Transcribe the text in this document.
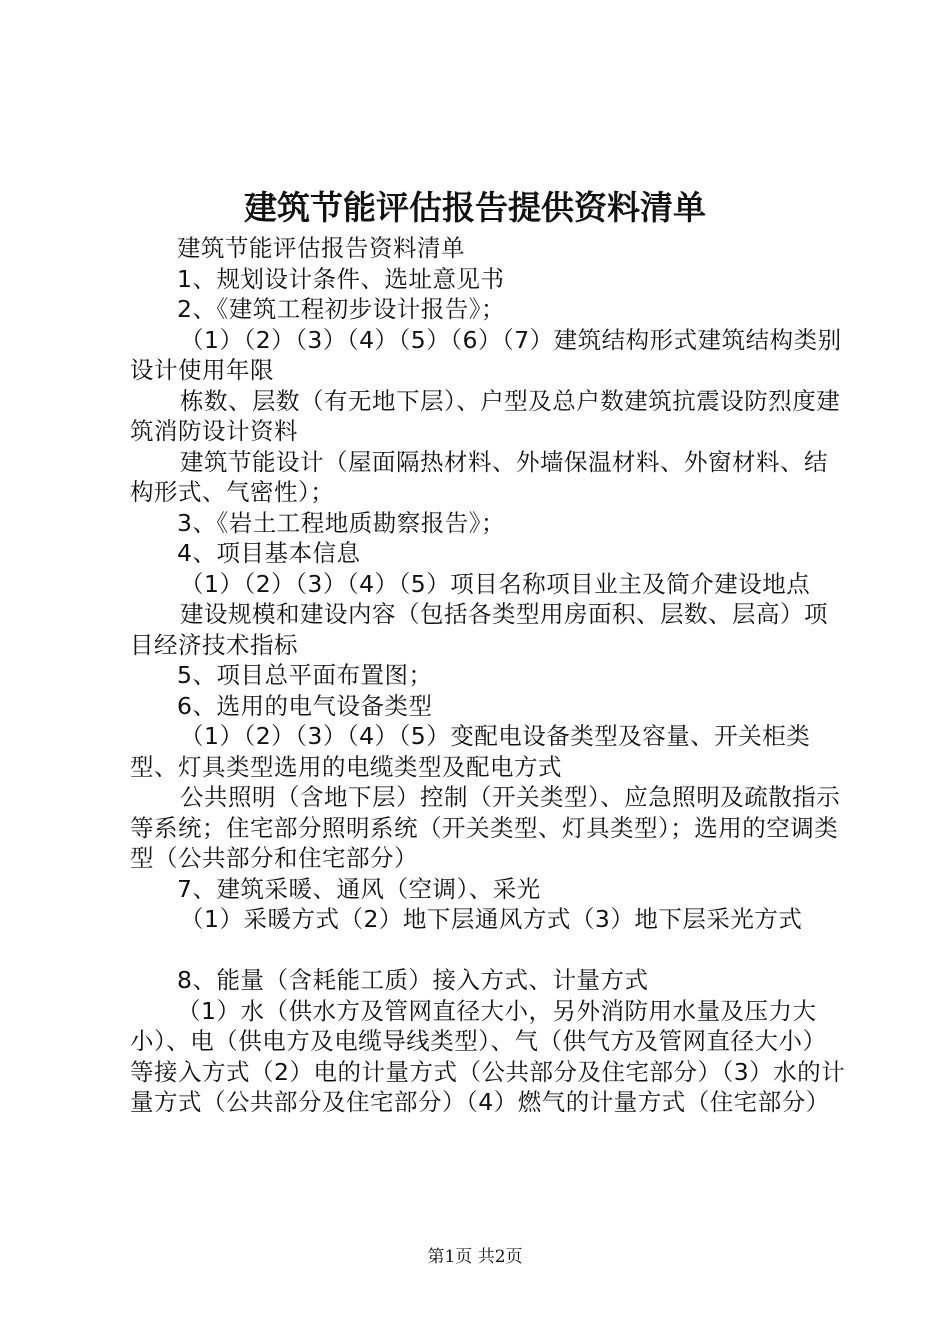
建筑节能评估报告提供资料清单

建筑节能评估报告资料清单

1、规划设计条件、选址意见书

2、《建筑工程初步设计报告》；

（1）（2）（3）（4）（5）（6）（7）建筑结构形式建筑结构类别设计使用年限

栋数、层数（有无地下层）、户型及总户数建筑抗震设防烈度建筑消防设计资料

建筑节能设计（屋面隔热材料、外墙保温材料、外窗材料、结构形式、气密性）；

3、《岩土工程地质勘察报告》；

4、项目基本信息

（1）（2）（3）（4）（5）项目名称项目业主及简介建设地点

建设规模和建设内容（包括各类型用房面积、层数、层高）项目经济技术指标

5、项目总平面布置图；

6、选用的电气设备类型

（1）（2）（3）（4）（5）变配电设备类型及容量、开关柜类型、灯具类型选用的电缆类型及配电方式

公共照明（含地下层）控制（开关类型）、应急照明及疏散指示等系统；住宅部分照明系统（开关类型、灯具类型）；选用的空调类型（公共部分和住宅部分）

7、建筑采暖、通风（空调）、采光

（1）采暖方式（2）地下层通风方式（3）地下层采光方式

8、能量（含耗能工质）接入方式、计量方式

（1）水（供水方及管网直径大小，另外消防用水量及压力大小）、电（供电方及电缆导线类型）、气（供气方及管网直径大小）等接入方式（2）电的计量方式（公共部分及住宅部分）（3）水的计量方式（公共部分及住宅部分）（4）燃气的计量方式（住宅部分）

第1页 共2页
